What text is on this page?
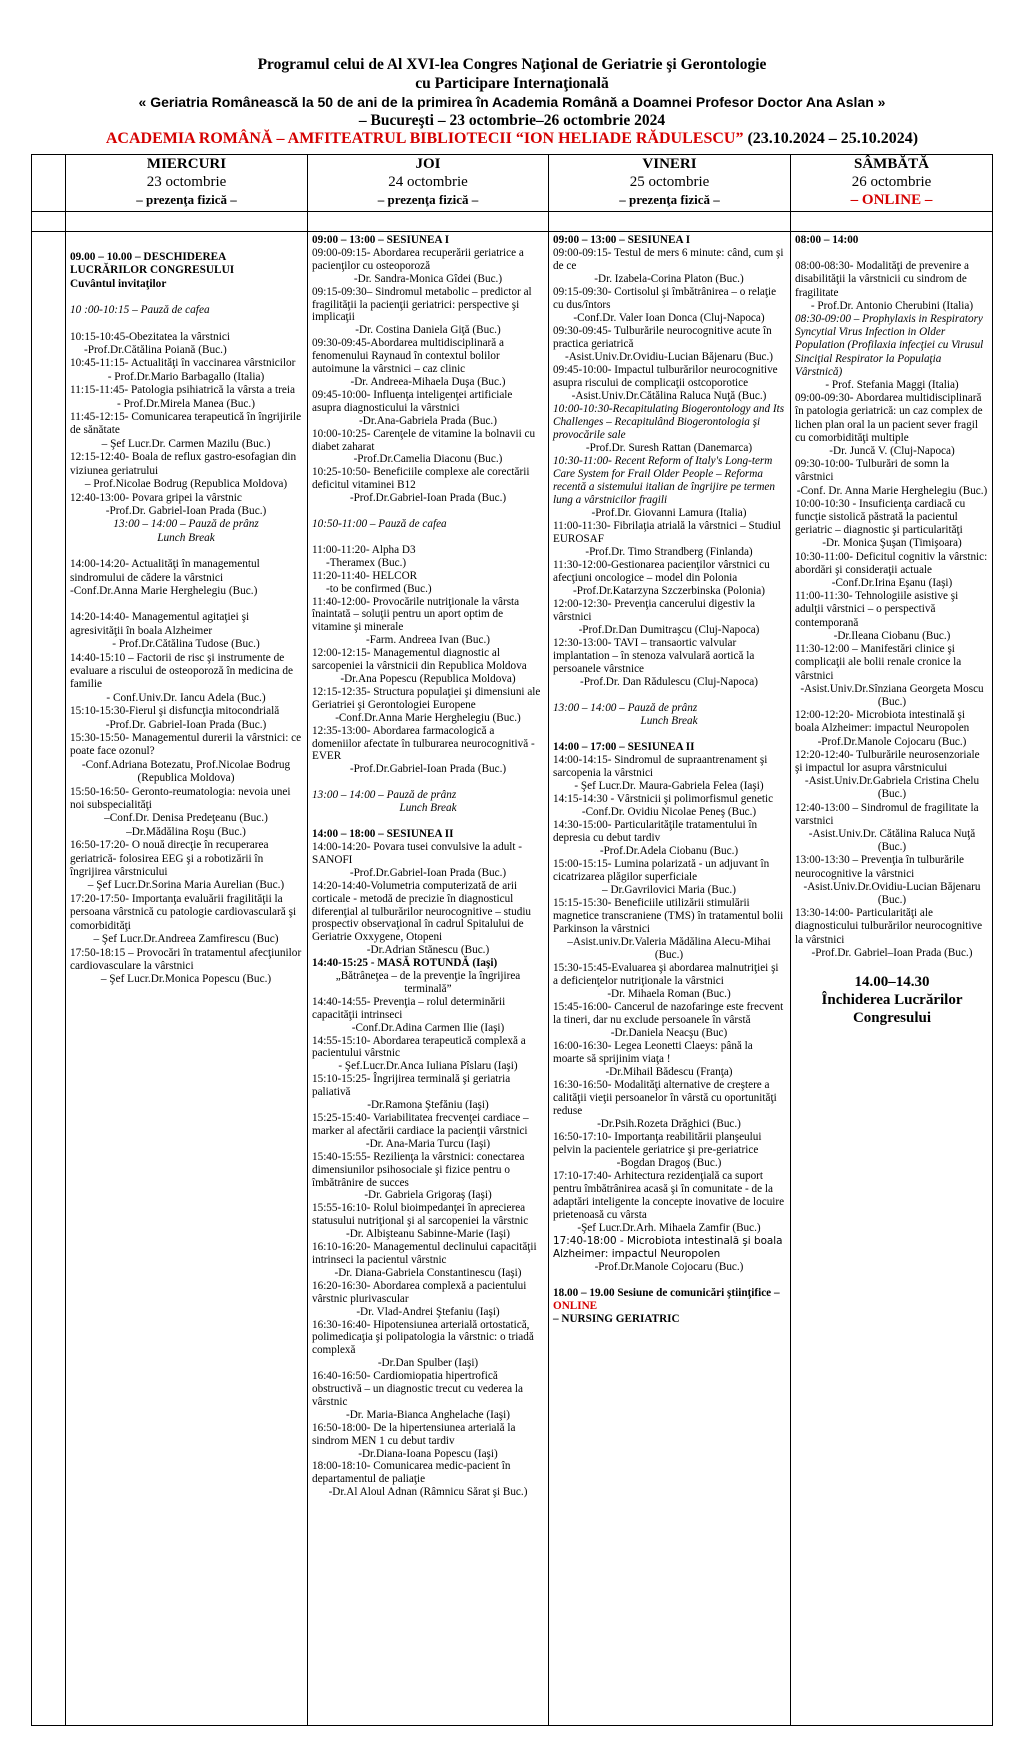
Programul celui de Al XVI-lea Congres Naţional de Geriatrie şi Gerontologie
cu Participare Internaţională
« Geriatria Românească la 50 de ani de la primirea în Academia Română a Doamnei Profesor Doctor Ana Aslan »
– Bucureşti – 23 octombrie–26 octombrie 2024
ACADEMIA ROMÂNĂ – AMFITEATRUL BIBLIOTECII “ION HELIADE RĂDULESCU” (23.10.2024 – 25.10.2024)
MIERCURI
23 octombrie
– prezenţa fizică –
JOI
24 octombrie
– prezenţa fizică –
VINERI
25 octombrie
– prezenţa fizică –
SÂMBĂTĂ
26 octombrie
– ONLINE –

09.00 – 10.00 – DESCHIDEREA LUCRĂRILOR CONGRESULUI

Cuvântul invitaţilor

10 :00-10:15 – Pauză de cafea

10:15-10:45-Obezitatea la vârstnici

-Prof.Dr.Cătălina Poiană (Buc.)

10:45-11:15- Actualităţi în vaccinarea vârstnicilor

- Prof.Dr.Mario Barbagallo (Italia)

11:15-11:45- Patologia psihiatrică la vârsta a treia

- Prof.Dr.Mirela Manea (Buc.)

11:45-12:15- Comunicarea terapeutică în îngrijirile de sănătate

– Şef Lucr.Dr. Carmen Mazilu (Buc.)

12:15-12:40- Boala de reflux gastro-esofagian din viziunea geriatrului

– Prof.Nicolae Bodrug (Republica Moldova)

12:40-13:00- Povara gripei la vârstnic

-Prof.Dr. Gabriel-Ioan Prada (Buc.)

13:00 – 14:00 – Pauză de prânz

Lunch Break

14:00-14:20- Actualităţi în managementul sindromului de cădere la vârstnici

-Conf.Dr.Anna Marie Herghelegiu (Buc.)

14:20-14:40- Managementul agitaţiei şi agresivităţii în boala Alzheimer

- Prof.Dr.Cătălina Tudose (Buc.)

14:40-15:10 – Factorii de risc şi instrumente de evaluare a riscului de osteoporoză în medicina de familie

- Conf.Univ.Dr. Iancu Adela (Buc.)

15:10-15:30-Fierul şi disfuncţia mitocondrială

-Prof.Dr. Gabriel-Ioan Prada (Buc.)

15:30-15:50- Managementul durerii la vârstnici: ce poate face ozonul?

-Conf.Adriana Botezatu, Prof.Nicolae Bodrug (Republica Moldova)

15:50-16:50- Geronto-reumatologia: nevoia unei noi subspecialităţi

–Conf.Dr. Denisa Predeţeanu (Buc.)

–Dr.Mădălina Roşu (Buc.)

16:50-17:20- O nouă direcţie în recuperarea geriatrică- folosirea EEG şi a robotizării în îngrijirea vârstnicului

– Şef Lucr.Dr.Sorina Maria Aurelian (Buc.)

17:20-17:50- Importanţa evaluării fragilităţii la persoana vârstnică cu patologie cardiovasculară şi comorbidităţi

– Şef Lucr.Dr.Andreea Zamfirescu (Buc)

17:50-18:15 – Provocări în tratamentul afecţiunilor cardiovasculare la vârstnici

– Şef Lucr.Dr.Monica Popescu (Buc.)

09:00 – 13:00 – SESIUNEA I

09:00-09:15- Abordarea recuperării geriatrice a pacienţilor cu osteoporoză

-Dr. Sandra-Monica Gîdei (Buc.)

09:15-09:30– Sindromul metabolic – predictor al fragilităţii la pacienţii geriatrici: perspective şi implicaţii

-Dr. Costina Daniela Giţă (Buc.)

09:30-09:45-Abordarea multidisciplinară a fenomenului Raynaud în contextul bolilor autoimune la vârstnici – caz clinic

-Dr. Andreea-Mihaela Duşa (Buc.)

09:45-10:00- Influenţa inteligenţei artificiale asupra diagnosticului la vârstnici

-Dr.Ana-Gabriela Prada (Buc.)

10:00-10:25- Carenţele de vitamine la bolnavii cu diabet zaharat

-Prof.Dr.Camelia Diaconu (Buc.)

10:25-10:50- Beneficiile complexe ale corectării deficitul vitaminei B12

-Prof.Dr.Gabriel-Ioan Prada (Buc.)

10:50-11:00 – Pauză de cafea

11:00-11:20- Alpha D3

-Theramex (Buc.)

11:20-11:40- HELCOR

-to be confirmed (Buc.)

11:40-12:00- Provocările nutriţionale la vârsta înaintată – soluţii pentru un aport optim de vitamine şi minerale

-Farm. Andreea Ivan (Buc.)

12:00-12:15- Managementul diagnostic al sarcopeniei la vârstnicii din Republica Moldova

-Dr.Ana Popescu (Republica Moldova)

12:15-12:35- Structura populaţiei şi dimensiuni ale Geriatriei şi Gerontologiei Europene

-Conf.Dr.Anna Marie Herghelegiu (Buc.)

12:35-13:00- Abordarea farmacologică a domeniilor afectate în tulburarea neurocognitivă - EVER

-Prof.Dr.Gabriel-Ioan Prada (Buc.)

13:00 – 14:00 – Pauză de prânz

Lunch Break

14:00 – 18:00 – SESIUNEA II

14:00-14:20- Povara tusei convulsive la adult - SANOFI

-Prof.Dr.Gabriel-Ioan Prada (Buc.)

14:20-14:40-Volumetria computerizată de arii corticale - metodă de precizie în diagnosticul diferenţial al tulburărilor neurocognitive – studiu prospectiv observaţional în cadrul Spitalului de Geriatrie Oxxygene, Otopeni

-Dr.Adrian Stănescu (Buc.)

14:40-15:25 - MASĂ ROTUNDĂ (Iaşi)

„Bătrâneţea – de la prevenţie la îngrijirea terminală”

14:40-14:55- Prevenţia – rolul determinării capacităţii intrinseci

-Conf.Dr.Adina Carmen Ilie (Iaşi)

14:55-15:10- Abordarea terapeutică complexă a pacientului vârstnic

- Şef.Lucr.Dr.Anca Iuliana Pîslaru (Iaşi)

15:10-15:25- Îngrijirea terminală şi geriatria paliativă

-Dr.Ramona Ştefăniu (Iaşi)

15:25-15:40- Variabilitatea frecvenţei cardiace – marker al afectării cardiace la pacienţii vârstnici

-Dr. Ana-Maria Turcu (Iaşi)

15:40-15:55- Rezilienţa la vârstnici: conectarea dimensiunilor psihosociale şi fizice pentru o îmbătrânire de succes

-Dr. Gabriela Grigoraş (Iaşi)

15:55-16:10- Rolul bioimpedanţei în aprecierea statusului nutriţional şi al sarcopeniei la vârstnic

-Dr. Albişteanu Sabinne-Marie (Iaşi)

16:10-16:20- Managementul declinului capacităţii intrinseci la pacientul vârstnic

-Dr. Diana-Gabriela Constantinescu (Iaşi)

16:20-16:30- Abordarea complexă a pacientului vârstnic plurivascular

-Dr. Vlad-Andrei Ştefaniu (Iaşi)

16:30-16:40- Hipotensiunea arterială ortostatică, polimedicaţia şi polipatologia la vârstnic: o triadă complexă

-Dr.Dan Spulber (Iaşi)

16:40-16:50- Cardiomiopatia hipertrofică obstructivă – un diagnostic trecut cu vederea la vârstnic

-Dr. Maria-Bianca Anghelache (Iaşi)

16:50-18:00- De la hipertensiunea arterială la sindrom MEN 1 cu debut tardiv

-Dr.Diana-Ioana Popescu (Iaşi)

18:00-18:10- Comunicarea medic-pacient în departamentul de paliaţie

-Dr.Al Aloul Adnan (Râmnicu Sărat şi Buc.)

09:00 – 13:00 – SESIUNEA I

09:00-09:15- Testul de mers 6 minute: când, cum şi de ce

-Dr. Izabela-Corina Platon (Buc.)

09:15-09:30- Cortisolul şi îmbătrânirea – o relaţie cu dus/întors

-Conf.Dr. Valer Ioan Donca (Cluj-Napoca)

09:30-09:45- Tulburările neurocognitive acute în practica geriatrică

-Asist.Univ.Dr.Ovidiu-Lucian Băjenaru (Buc.)

09:45-10:00- Impactul tulburărilor neurocognitive asupra riscului de complicaţii ostcoporotice

-Asist.Univ.Dr.Cătălina Raluca Nuţă (Buc.)

10:00-10:30-Recapitulating Biogerontology and Its Challenges – Recapitulând Biogerontologia şi provocările sale

-Prof.Dr. Suresh Rattan (Danemarca)

10:30-11:00- Recent Reform of Italy's Long-term Care System for Frail Older People – Reforma recentă a sistemului italian de îngrijire pe termen lung a vârstnicilor fragili

-Prof.Dr. Giovanni Lamura (Italia)

11:00-11:30- Fibrilaţia atrială la vârstnici – Studiul EUROSAF

-Prof.Dr. Timo Strandberg (Finlanda)

11:30-12:00-Gestionarea pacienţilor vârstnici cu afecţiuni oncologice – model din Polonia

-Prof.Dr.Katarzyna Szczerbinska (Polonia)

12:00-12:30- Prevenţia cancerului digestiv la vârstnici

-Prof.Dr.Dan Dumitraşcu (Cluj-Napoca)

12:30-13:00- TAVI – transaortic valvular implantation – în stenoza valvulară aortică la persoanele vârstnice

-Prof.Dr. Dan Rădulescu (Cluj-Napoca)

13:00 – 14:00 – Pauză de prânz

Lunch Break

14:00 – 17:00 – SESIUNEA II

14:00-14:15- Sindromul de supraantrenament şi sarcopenia la vârstnici

- Şef Lucr.Dr. Maura-Gabriela Felea (Iaşi)

14:15-14:30 - Vârstnicii şi polimorfismul genetic

-Conf.Dr. Ovidiu Nicolae Peneş (Buc.)

14:30-15:00- Particularităţile tratamentului în depresia cu debut tardiv

-Prof.Dr.Adela Ciobanu (Buc.)

15:00-15:15- Lumina polarizată - un adjuvant în cicatrizarea plăgilor superficiale

– Dr.Gavrilovici Maria (Buc.)

15:15-15:30- Beneficiile utilizării stimulării magnetice transcraniene (TMS) în tratamentul bolii Parkinson la vârstnici

–Asist.univ.Dr.Valeria Mădălina Alecu-Mihai (Buc.)

15:30-15:45-Evaluarea şi abordarea malnutriţiei şi a deficienţelor nutriţionale la vârstnici

-Dr. Mihaela Roman (Buc.)

15:45-16:00- Cancerul de nazofaringe este frecvent la tineri, dar nu exclude persoanele în vârstă

-Dr.Daniela Neacşu (Buc)

16:00-16:30- Legea Leonetti Claeys: până la moarte să sprijinim viaţa !

-Dr.Mihail Bădescu (Franţa)

16:30-16:50- Modalităţi alternative de creştere a calităţii vieţii persoanelor în vârstă cu oportunităţi reduse

-Dr.Psih.Rozeta Drăghici (Buc.)

16:50-17:10- Importanţa reabilitării planşeului pelvin la pacientele geriatrice şi pre-geriatrice

-Bogdan Dragoş (Buc.)

17:10-17:40- Arhitectura rezidenţială ca suport pentru îmbătrânirea acasă şi în comunitate - de la adaptări inteligente la concepte inovative de locuire prietenoasă cu vârsta

-Şef Lucr.Dr.Arh. Mihaela Zamfir (Buc.)

17:40-18:00 - Microbiota intestinală şi boala Alzheimer: impactul Neuropolen

-Prof.Dr.Manole Cojocaru (Buc.)

18.00 – 19.00 Sesiune de comunicări ştiinţifice – ONLINE

– NURSING GERIATRIC

08:00 – 14:00

08:00-08:30- Modalităţi de prevenire a disabilităţii la vârstnicii cu sindrom de fragilitate

- Prof.Dr. Antonio Cherubini (Italia)

08:30-09:00 – Prophylaxis in Respiratory Syncytial Virus Infection in Older Population (Profilaxia infecţiei cu Virusul Sinciţial Respirator la Populaţia Vârstnică)

- Prof. Stefania Maggi (Italia)

09:00-09:30- Abordarea multidisciplinară în patologia geriatrică: un caz complex de lichen plan oral la un pacient sever fragil cu comorbidităţi multiple

-Dr. Juncă V. (Cluj-Napoca)

09:30-10:00- Tulburări de somn la vârstnici

-Conf. Dr. Anna Marie Herghelegiu (Buc.)

10:00-10:30 - Insuficienţa cardiacă cu funcţie sistolică păstrată la pacientul geriatric – diagnostic şi particularităţi

-Dr. Monica Şuşan (Timişoara)

10:30-11:00- Deficitul cognitiv la vârstnic: abordări şi consideraţii actuale

-Conf.Dr.Irina Eşanu (Iaşi)

11:00-11:30- Tehnologiile asistive şi adulţii vârstnici – o perspectivă contemporană

-Dr.Ileana Ciobanu (Buc.)

11:30-12:00 – Manifestări clinice şi complicaţii ale bolii renale cronice la vârstnici

-Asist.Univ.Dr.Sînziana Georgeta Moscu (Buc.)

12:00-12:20- Microbiota intestinală şi boala Alzheimer: impactul Neuropolen

-Prof.Dr.Manole Cojocaru (Buc.)

12:20-12:40- Tulburările neurosenzoriale şi impactul lor asupra vârstnicului

-Asist.Univ.Dr.Gabriela Cristina Chelu (Buc.)

12:40-13:00 – Sindromul de fragilitate la varstnici

-Asist.Univ.Dr. Cătălina Raluca Nuţă (Buc.)

13:00-13:30 – Prevenţia în tulburările neurocognitive la vârstnici

-Asist.Univ.Dr.Ovidiu-Lucian Băjenaru (Buc.)

13:30-14:00- Particularităţi ale diagnosticului tulburărilor neurocognitive la vârstnici

-Prof.Dr. Gabriel–Ioan Prada (Buc.)

14.00–14.30

Închiderea Lucrărilor Congresului
